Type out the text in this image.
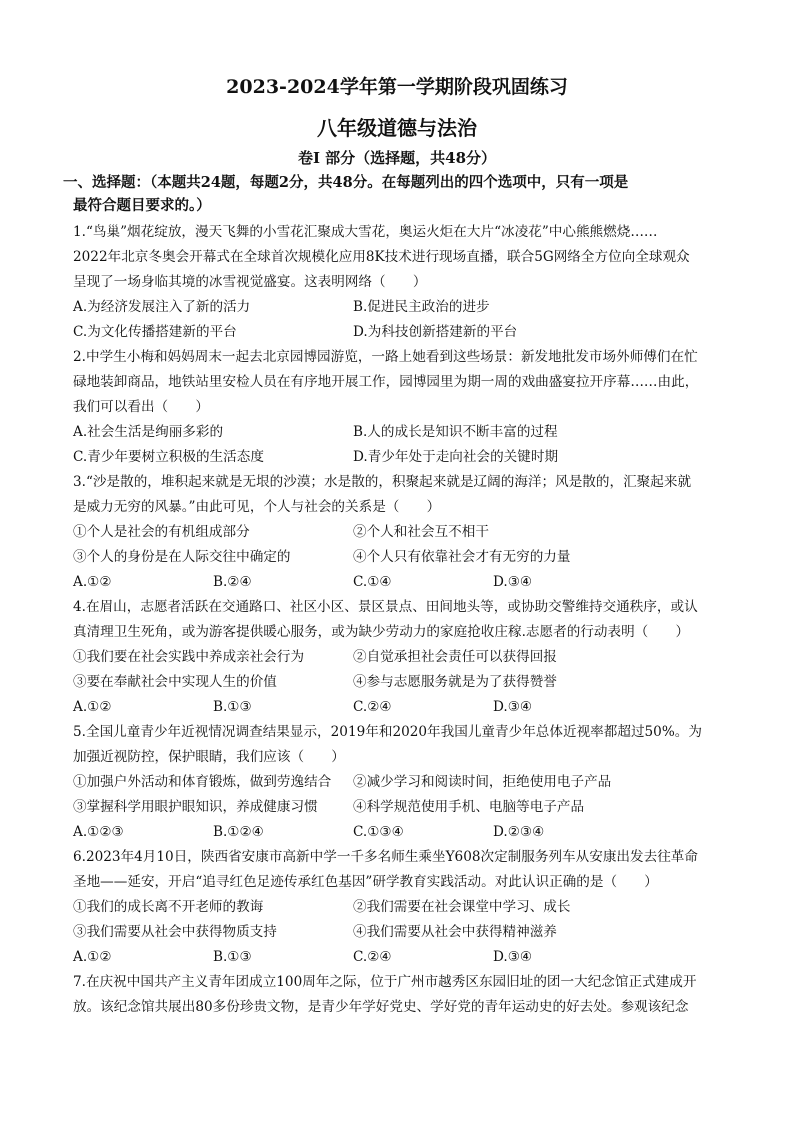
2023-2024学年第一学期阶段巩固练习
八年级道德与法治
卷I 部分（选择题，共48分）
一、选择题：（本题共24题，每题2分，共48分。在每题列出的四个选项中，只有一项是
最符合题目要求的。）
1.“鸟巢”烟花绽放，漫天飞舞的小雪花汇聚成大雪花，奥运火炬在大片“冰凌花”中心熊熊燃烧……
2022年北京冬奥会开幕式在全球首次规模化应用8K技术进行现场直播，联合5G网络全方位向全球观众
呈现了一场身临其境的冰雪视觉盛宴。这表明网络（　　）
A.为经济发展注入了新的活力	B.促进民主政治的进步
C.为文化传播搭建新的平台	D.为科技创新搭建新的平台
2.中学生小梅和妈妈周末一起去北京园博园游览，一路上她看到这些场景：新发地批发市场外师傅们在忙
碌地装卸商品，地铁站里安检人员在有序地开展工作，园博园里为期一周的戏曲盛宴拉开序幕……由此，
我们可以看出（　　）
A.社会生活是绚丽多彩的	B.人的成长是知识不断丰富的过程
C.青少年要树立积极的生活态度	D.青少年处于走向社会的关键时期
3.“沙是散的，堆积起来就是无垠的沙漠；水是散的，积聚起来就是辽阔的海洋；风是散的，汇聚起来就
是威力无穷的风暴。”由此可见，个人与社会的关系是（　　）
①个人是社会的有机组成部分	②个人和社会互不相干
③个人的身份是在人际交往中确定的	④个人只有依靠社会才有无穷的力量
A.①②	B.②④	C.①④	D.③④
4.在眉山，志愿者活跃在交通路口、社区小区、景区景点、田间地头等，或协助交警维持交通秩序，或认
真清理卫生死角，或为游客提供暖心服务，或为缺少劳动力的家庭抢收庄稼.志愿者的行动表明（　　）
①我们要在社会实践中养成亲社会行为	②自觉承担社会责任可以获得回报
③要在奉献社会中实现人生的价值	④参与志愿服务就是为了获得赞誉
A.①②	B.①③	C.②④	D.③④
5.全国儿童青少年近视情况调查结果显示，2019年和2020年我国儿童青少年总体近视率都超过50%。为
加强近视防控，保护眼睛，我们应该（　　）
①加强户外活动和体育锻炼，做到劳逸结合 ②减少学习和阅读时间，拒绝使用电子产品
③掌握科学用眼护眼知识，养成健康习惯	④科学规范使用手机、电脑等电子产品
A.①②③	B.①②④	C.①③④	D.②③④
6.2023年4月10日，陕西省安康市高新中学一千多名师生乘坐Y608次定制服务列车从安康出发去往革命
圣地——延安，开启“追寻红色足迹传承红色基因”研学教育实践活动。对此认识正确的是（　　）
①我们的成长离不开老师的教诲	②我们需要在社会课堂中学习、成长
③我们需要从社会中获得物质支持	④我们需要从社会中获得精神滋养
A.①②	B.①③	C.②④	D.③④
7.在庆祝中国共产主义青年团成立100周年之际，位于广州市越秀区东园旧址的团一大纪念馆正式建成开
放。该纪念馆共展出80多份珍贵文物，是青少年学好党史、学好党的青年运动史的好去处。参观该纪念
